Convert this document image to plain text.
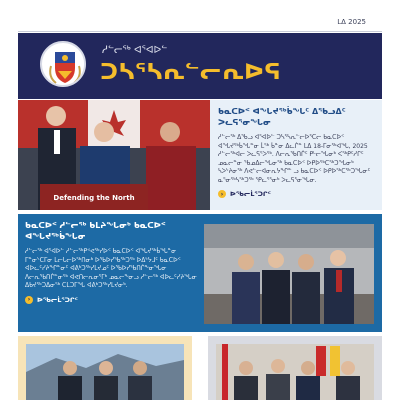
ᒪᐃ 2025
ᓱᓪᓕᖅ ᐊᕐᐊᐅᓪ
ᑐᓴᕐᓴᕆᓪᓕᕆᐅᕋ
Defending the North
ᑲᓇᑕᐅᑉ ᐊᖓᔪᖅᑳᖓᑦ ᐃᖃᓗᐃᑦ ᐳᓚᕋᕐᓂᖓᓂ
ᓱᓪᓕᖅ ᐃᖃᓗ ᐊᕐᐊᐅᓪ ᑐᓴᕐᓴᕆᓪᓕᐅᕐᑕᓕ ᑲᓇᑕᐅᑉ ᐊᖓᔪᖅᑳᖓᓐᓂ ᒫᕐᒃ ᑳᓐᓂ ᐃᓚᒌᓐ ᒪᐃ 18-ᒥᓂᖅᐊᖓ, 2025 ᓱᓪᓕᖅᐊᓕ ᐳᓚᕋᕐᐳᖅ. ᐱᓕᕆᖃᑎᒌᑦ ᑭᒡᓕᖓᓂᒃ ᐸᖅᑭᑦᓱᒋᑦ ᓄᓇᓕᓐᓂ ᖃᓄᐃᓕᖓᓂᖅ ᑲᓇᑕᐅᑉ ᐅᑭᐅᖅᑕᖅᑐᖓᓂᒃ ᓴᐳᔾᔨᓂᖅ ᐱᕙᓪᓕᐊᓂᕆᔭᖏᓐ ᓗ ᑲᓇᑕᐅᑉ ᐅᑭᐅᖅᑕᖅᑐᖓᓂᑦ ᓇᕐᓂᖅᓴᖅᑐᖅ ᕿᓚᕐᕐᓂᒃ ᐳᓚᕋᕐᓂᖓᓂ.
›	ᐅᖃᓕᒫᕐᑐᒋᑦ
ᑲᓇᑕᐅᑉ ᓱᓪᓕᖅ ᑲᒪᔨᖓᓂᒃ ᑲᓇᑕᐅᑉ ᐊᖓᔪᖅᑳᖓᓂ
ᓱᓪᓕᖅ ᐊᕐᐊᐅᓪ ᓱᓪᓕᖅᑭᕝᕙᖅᓯᐅᑉ ᑲᓇᑕᐅᑉ ᐊᖓᔪᖅᑳᖓᓐᓂ ᒥᓐᓂᔅᑕᒥᓂ ᒪᓕᒐᓕᐅᖅᑎᓂᒃ ᐅᖃᐅᓯᖃᖅᑐᖅ ᐅᐃᔾᔭᒧᑦ ᑲᓇᑕᐅᑉ ᐊᐅᓚᑦᓯᔨᖏᓐᓂᑦ ᐊᕕᒃᑐᖅᓯᒪᔪᓄᑦ ᐅᖃᐅᓯᖃᑎᒌᖕᓂᖓᓂ ᐱᓕᕆᖃᑎᒌᓐᓂᖅ ᐊᕙᑎᓕᕆᓂᕐᒥᒃ ᓄᓇᓕᖕᓂᓗ ᓱᓪᓕᖅ ᐊᐅᓚᑦᓯᔨᖓᓂ ᐃᑲᔪᖅᑐᐃᓂᖅ ᑕᒪᑐᒥᖓ ᐊᕕᒃᑐᖅᓯᒪᔪᓂᒃ.
›	ᐅᖃᓕᒫᕐᑐᒋᑦ
